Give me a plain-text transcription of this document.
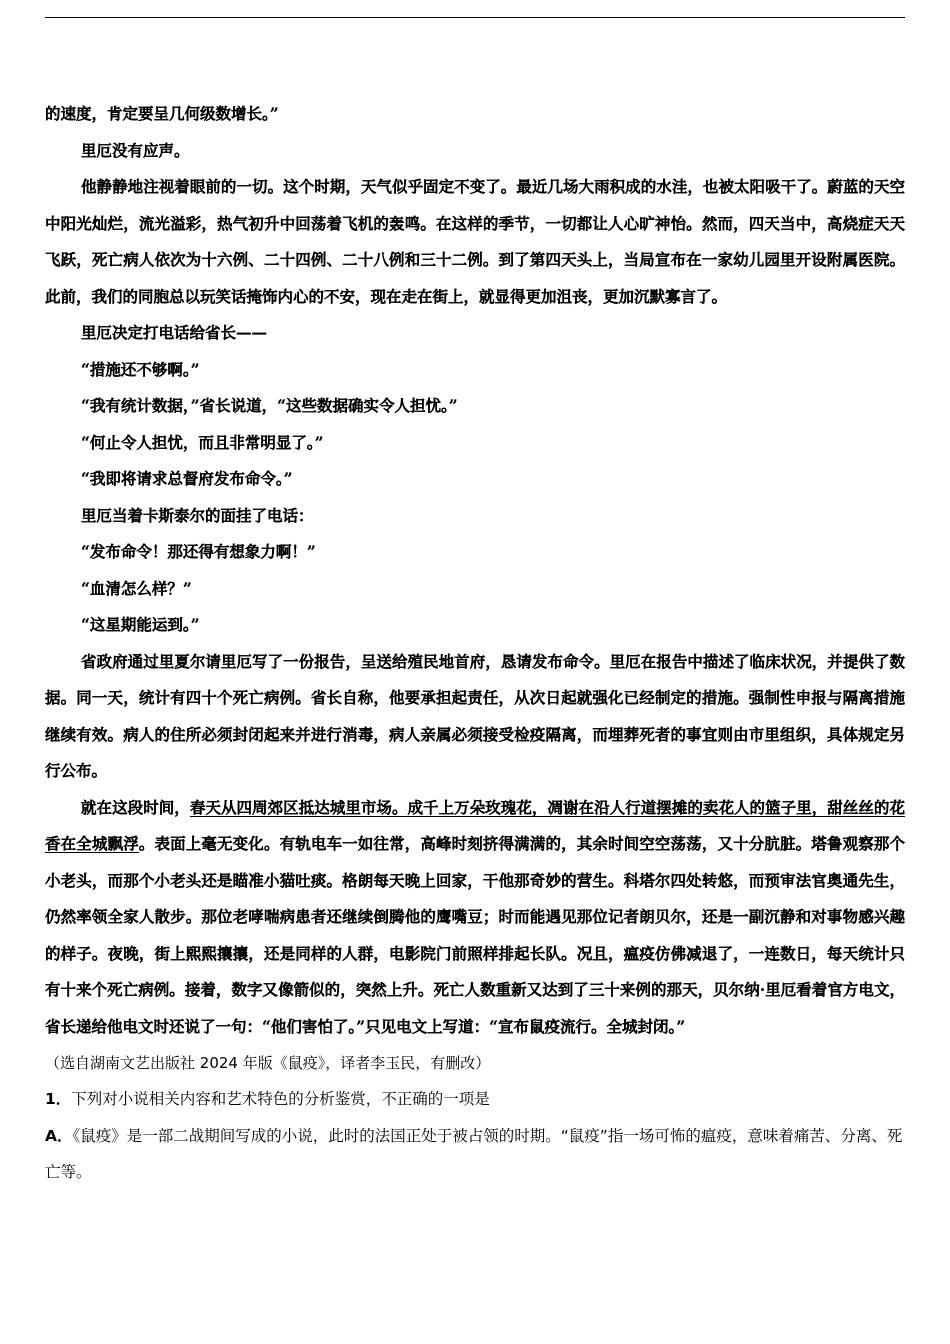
的速度，肯定要呈几何级数增长。”

里厄没有应声。

他静静地注视着眼前的一切。这个时期，天气似乎固定不变了。最近几场大雨积成的水洼，也被太阳吸干了。蔚蓝的天空中阳光灿烂，流光溢彩，热气初升中回荡着飞机的轰鸣。在这样的季节，一切都让人心旷神怡。然而，四天当中，高烧症天天飞跃，死亡病人依次为十六例、二十四例、二十八例和三十二例。到了第四天头上，当局宣布在一家幼儿园里开设附属医院。此前，我们的同胞总以玩笑话掩饰内心的不安，现在走在街上，就显得更加沮丧，更加沉默寡言了。

里厄决定打电话给省长——

“措施还不够啊。”

“我有统计数据，”省长说道，“这些数据确实令人担忧。”

“何止令人担忧，而且非常明显了。”

“我即将请求总督府发布命令。”

里厄当着卡斯泰尔的面挂了电话：

“发布命令！那还得有想象力啊！”

“血清怎么样？”

“这星期能运到。”

省政府通过里夏尔请里厄写了一份报告，呈送给殖民地首府，恳请发布命令。里厄在报告中描述了临床状况，并提供了数据。同一天，统计有四十个死亡病例。省长自称，他要承担起责任，从次日起就强化已经制定的措施。强制性申报与隔离措施继续有效。病人的住所必须封闭起来并进行消毒，病人亲属必须接受检疫隔离，而埋葬死者的事宜则由市里组织，具体规定另行公布。

就在这段时间，春天从四周郊区抵达城里市场。成千上万朵玫瑰花，凋谢在沿人行道摆摊的卖花人的篮子里，甜丝丝的花香在全城飘浮。表面上毫无变化。有轨电车一如往常，高峰时刻挤得满满的，其余时间空空荡荡，又十分肮脏。塔鲁观察那个小老头，而那个小老头还是瞄准小猫吐痰。格朗每天晚上回家，干他那奇妙的营生。科塔尔四处转悠，而预审法官奥通先生，仍然率领全家人散步。那位老哮喘病患者还继续倒腾他的鹰嘴豆；时而能遇见那位记者朗贝尔，还是一副沉静和对事物感兴趣的样子。夜晚，街上熙熙攘攘，还是同样的人群，电影院门前照样排起长队。况且，瘟疫仿佛减退了，一连数日，每天统计只有十来个死亡病例。接着，数字又像箭似的，突然上升。死亡人数重新又达到了三十来例的那天，贝尔纳·里厄看着官方电文，省长递给他电文时还说了一句：“他们害怕了。”只见电文上写道：“宣布鼠疫流行。全城封闭。”

（选自湖南文艺出版社 2024 年版《鼠疫》，译者李玉民，有删改）

1．下列对小说相关内容和艺术特色的分析鉴赏，不正确的一项是

A．《鼠疫》是一部二战期间写成的小说，此时的法国正处于被占领的时期。“鼠疫”指一场可怖的瘟疫，意味着痛苦、分离、死亡等。
